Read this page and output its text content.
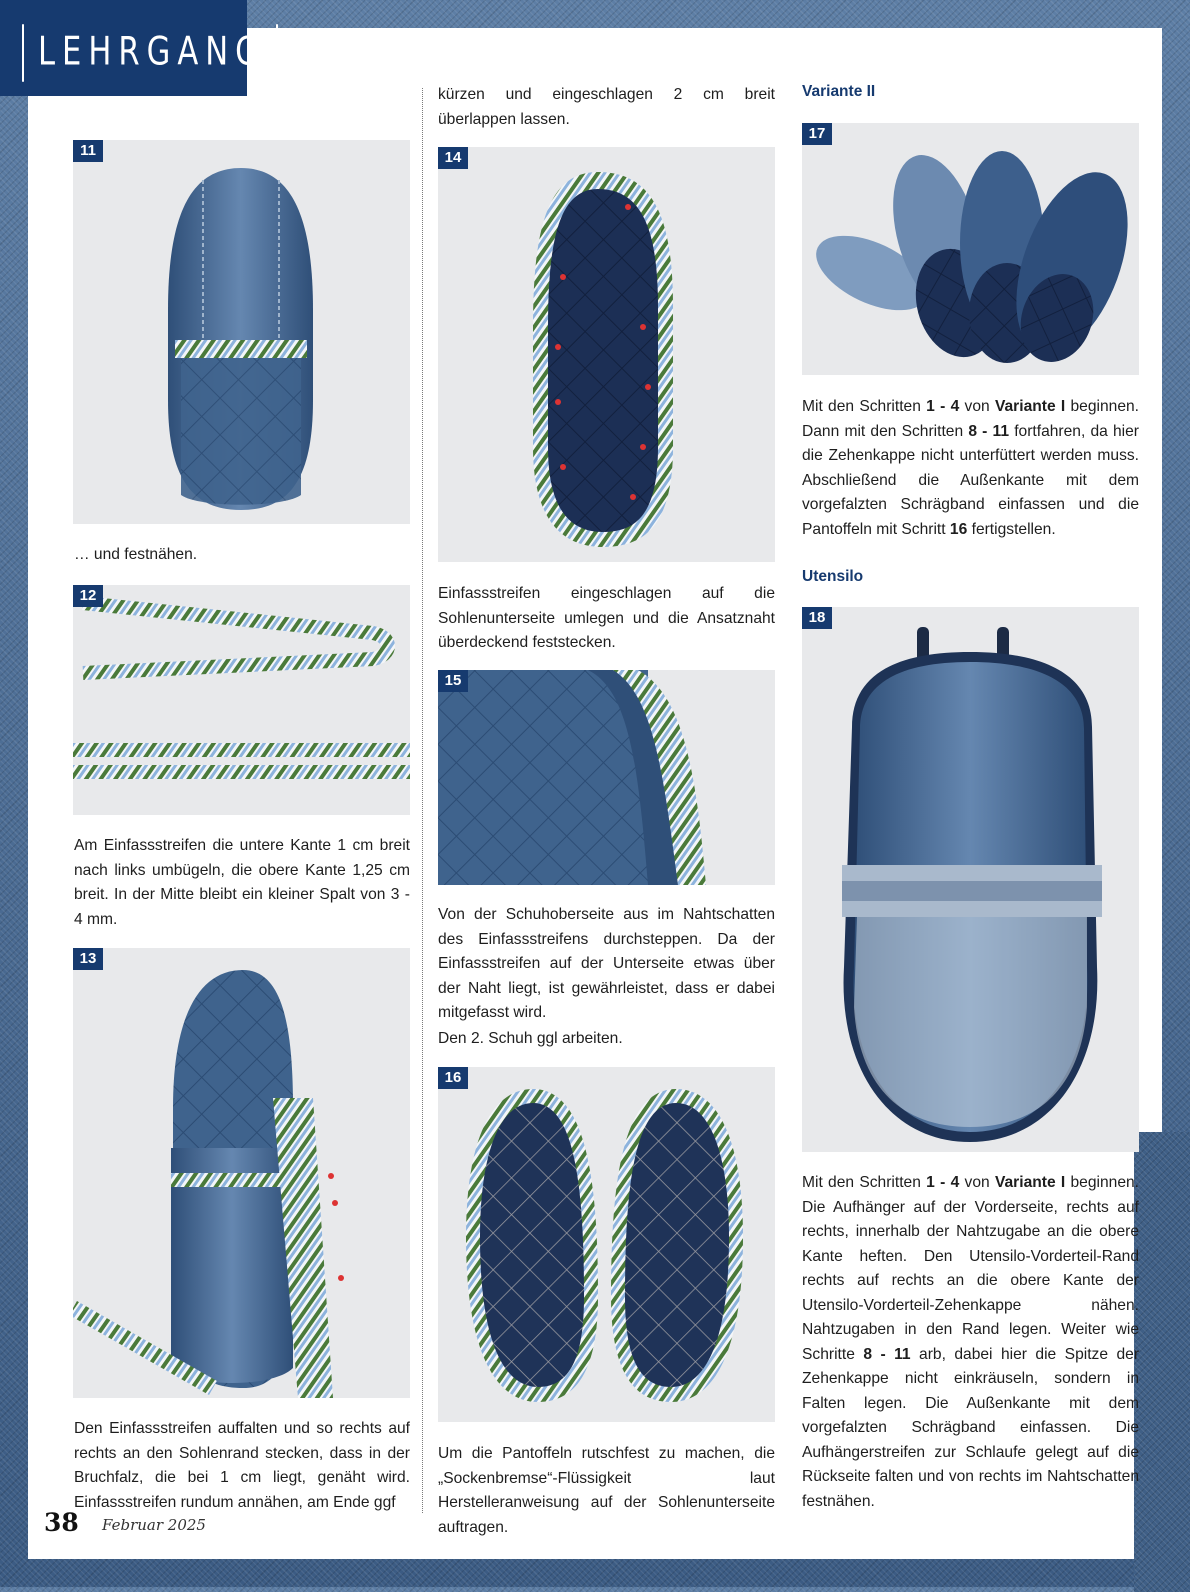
LEHRGANG
11
… und festnähen.
12
Am Einfassstreifen die untere Kante 1 cm breit nach links umbügeln, die obere Kante 1,25 cm breit. In der Mitte bleibt ein kleiner Spalt von 3 - 4 mm.
13
Den Einfassstreifen auffalten und so rechts auf rechts an den Sohlenrand stecken, dass in der Bruchfalz, die bei 1 cm liegt, genäht wird. Einfassstreifen rundum annähen, am Ende ggf
kürzen und eingeschlagen 2 cm breit überlappen lassen.
14
Einfassstreifen eingeschlagen auf die Sohlenunterseite umlegen und die Ansatznaht überdeckend feststecken.
15
Von der Schuhoberseite aus im Nahtschatten des Einfassstreifens durchsteppen. Da der Einfassstreifen auf der Unterseite etwas über der Naht liegt, ist gewährleistet, dass er dabei mitgefasst wird.
Den 2. Schuh ggl arbeiten.
16
Um die Pantoffeln rutschfest zu machen, die „Sockenbremse“-Flüssigkeit laut Herstelleranweisung auf der Sohlenunterseite auftragen.
Variante II
17
Mit den Schritten 1 - 4 von Variante I beginnen. Dann mit den Schritten 8 - 11 fortfahren, da hier die Zehenkappe nicht unterfüttert werden muss. Abschließend die Außenkante mit dem vorgefalzten Schrägband einfassen und die Pantoffeln mit Schritt 16 fertigstellen.
Utensilo
18
Mit den Schritten 1 - 4 von Variante I beginnen. Die Aufhänger auf der Vorderseite, rechts auf rechts, innerhalb der Nahtzugabe an die obere Kante heften. Den Utensilo-Vorderteil-Rand rechts auf rechts an die obere Kante der Utensilo-Vorderteil-Zehenkappe nähen. Nahtzugaben in den Rand legen. Weiter wie Schritte 8 - 11 arb, dabei hier die Spitze der Zehenkappe nicht einkräuseln, sondern in Falten legen. Die Außenkante mit dem vorgefalzten Schrägband einfassen. Die Aufhängerstreifen zur Schlaufe gelegt auf die Rückseite falten und von rechts im Nahtschatten festnähen.
38 Februar 2025
